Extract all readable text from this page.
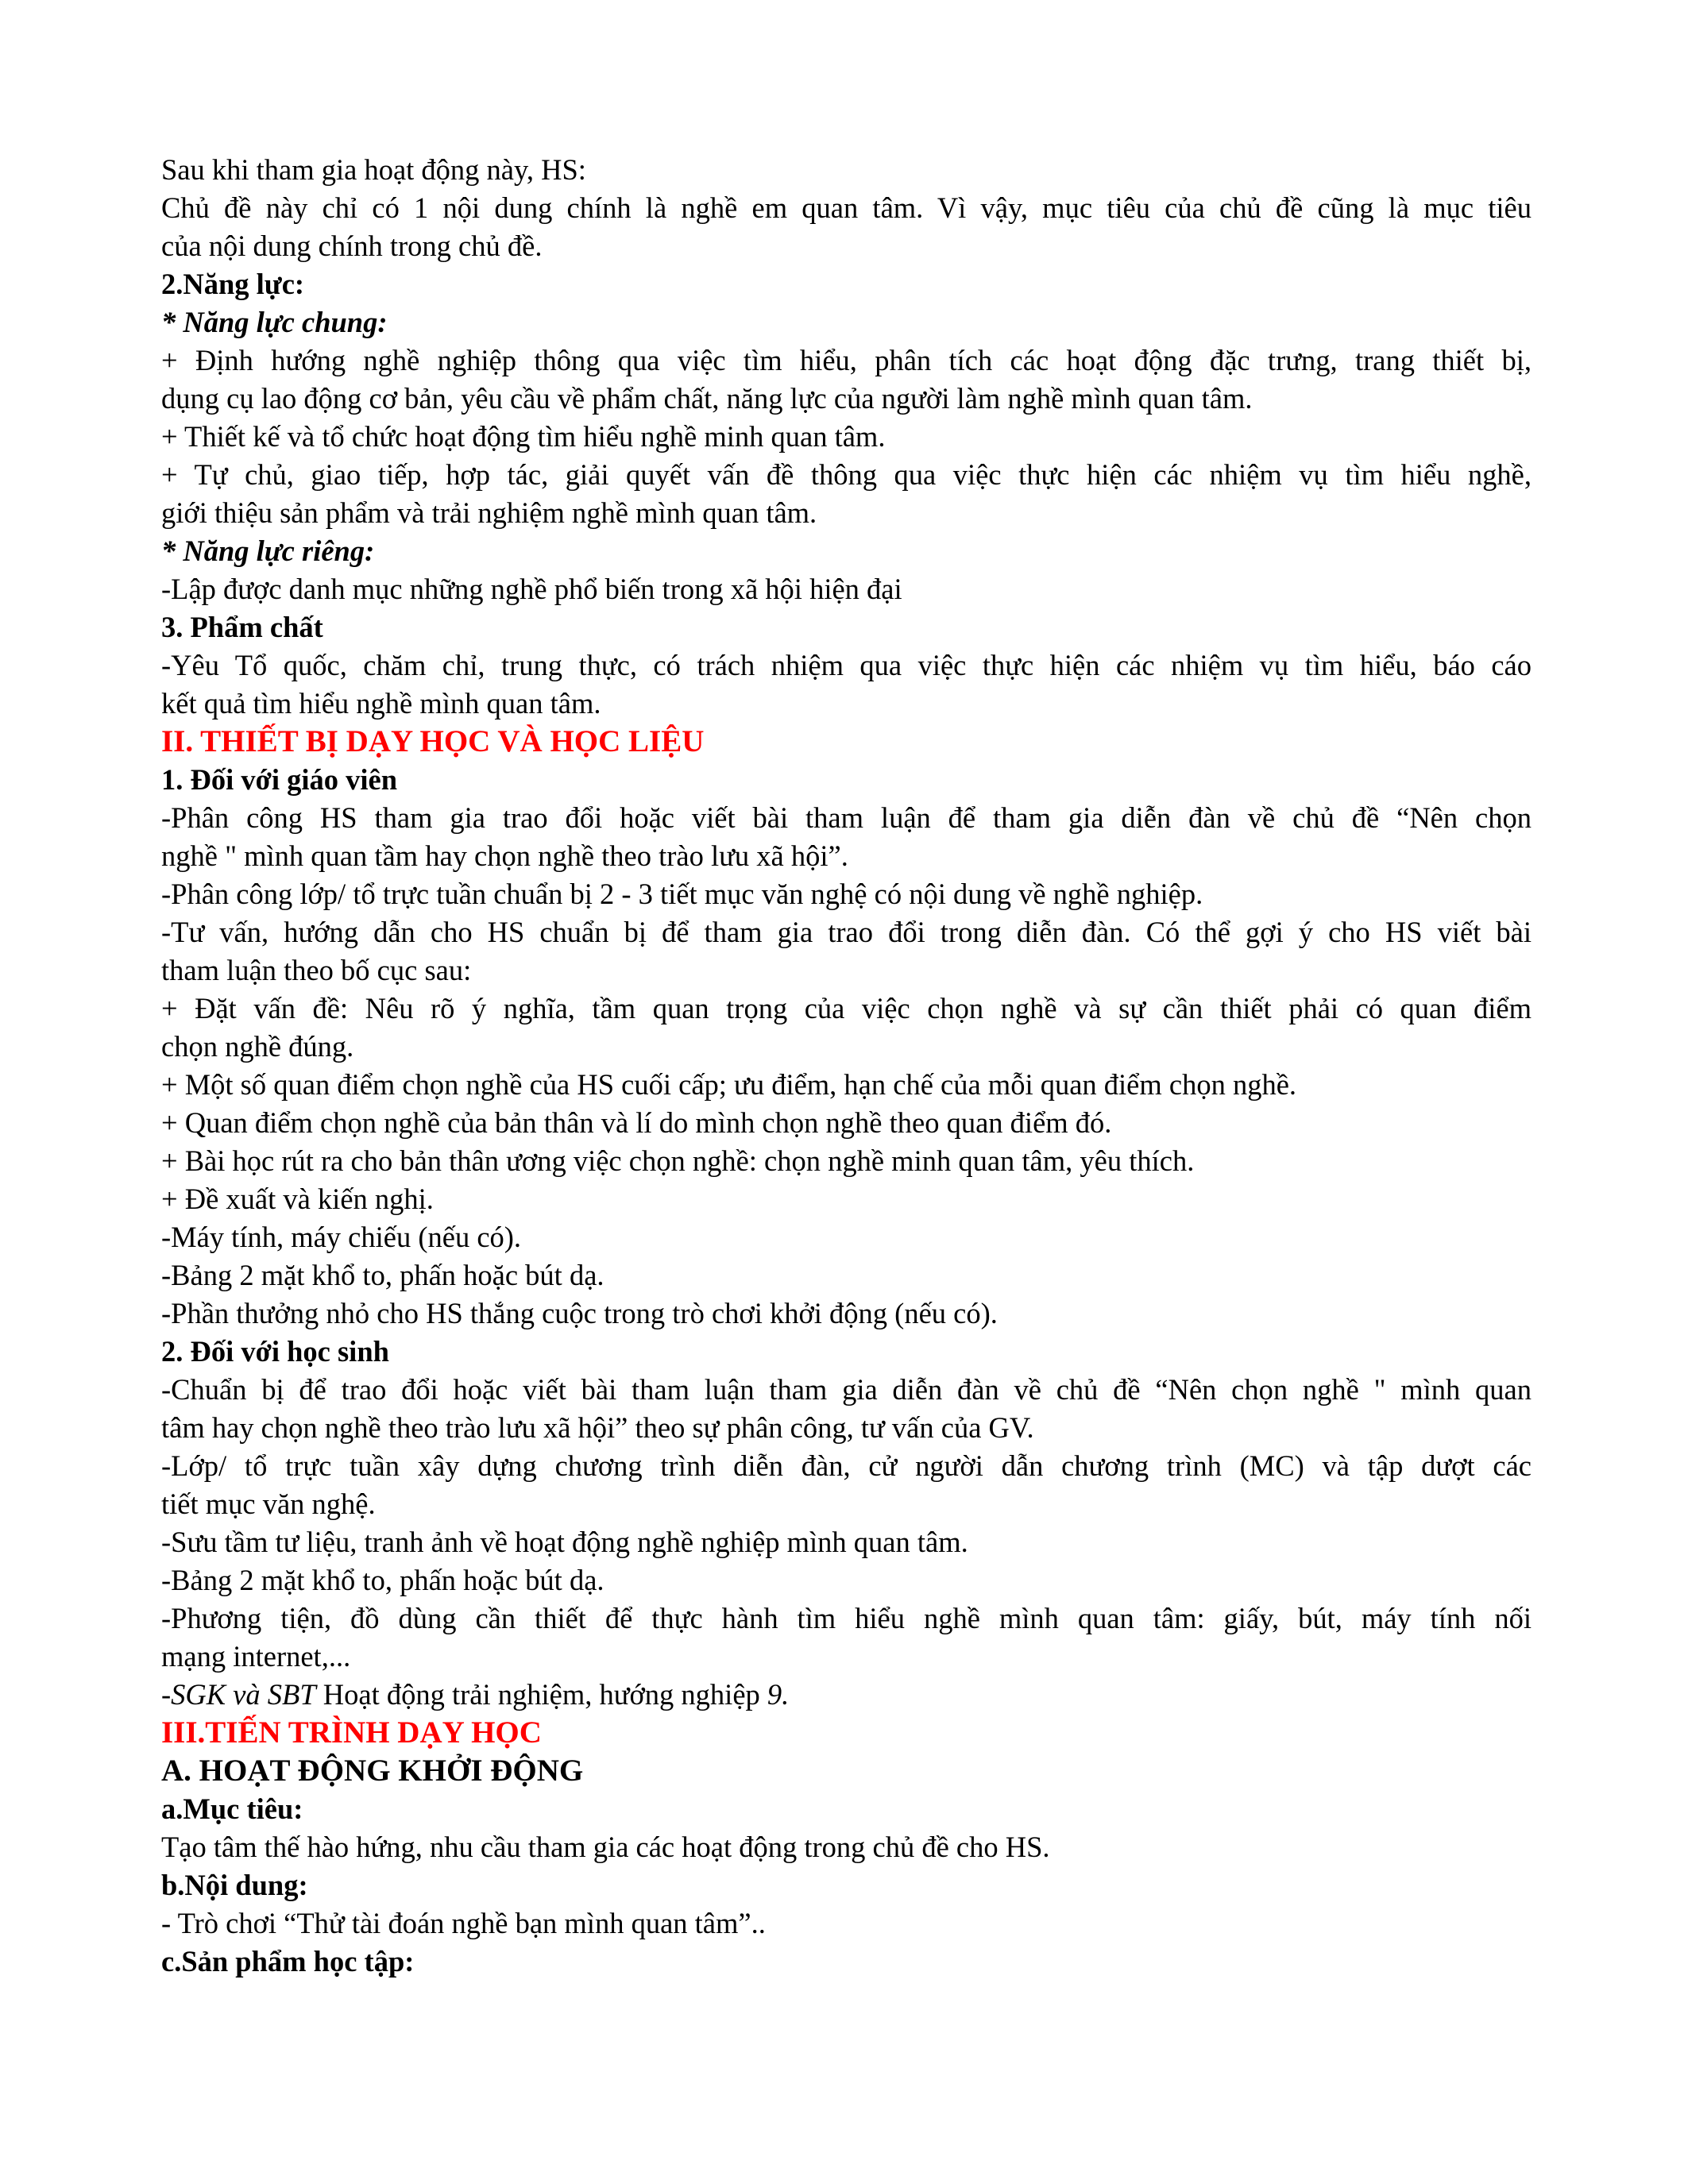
Sau khi tham gia hoạt động này, HS:
Chủ đề này chỉ có 1 nội dung chính là nghề em quan tâm. Vì vậy, mục tiêu của chủ đề cũng là mục tiêu
của nội dung chính trong chủ đề.
2.Năng lực:
* Năng lực chung:
+ Định hướng nghề nghiệp thông qua việc tìm hiểu, phân tích các hoạt động đặc trưng, trang thiết bị,
dụng cụ lao động cơ bản, yêu cầu về phẩm chất, năng lực của người làm nghề mình quan tâm.
+ Thiết kế và tổ chức hoạt động tìm hiểu nghề minh quan tâm.
+ Tự chủ, giao tiếp, hợp tác, giải quyết vấn đề thông qua việc thực hiện các nhiệm vụ tìm hiểu nghề,
giới thiệu sản phẩm và trải nghiệm nghề mình quan tâm.
* Năng lực riêng:
-Lập được danh mục những nghề phổ biến trong xã hội hiện đại
3. Phẩm chất
-Yêu Tổ quốc, chăm chỉ, trung thực, có trách nhiệm qua việc thực hiện các nhiệm vụ tìm hiểu, báo cáo
kết quả tìm hiểu nghề mình quan tâm.
II. THIẾT BỊ DẠY HỌC VÀ HỌC LIỆU
1. Đối với giáo viên
-Phân công HS tham gia trao đổi hoặc viết bài tham luận để tham gia diễn đàn về chủ đề “Nên chọn
nghề " mình quan tầm hay chọn nghề theo trào lưu xã hội”.
-Phân công lớp/ tổ trực tuần chuẩn bị 2 - 3 tiết mục văn nghệ có nội dung về nghề nghiệp.
-Tư vấn, hướng dẫn cho HS chuẩn bị để tham gia trao đổi trong diễn đàn. Có thể gợi ý cho HS viết bài
tham luận theo bố cục sau:
+ Đặt vấn đề: Nêu rõ ý nghĩa, tầm quan trọng của việc chọn nghề và sự cần thiết phải có quan điểm
chọn nghề đúng.
+ Một số quan điểm chọn nghề của HS cuối cấp; ưu điểm, hạn chế của mỗi quan điểm chọn nghề.
+ Quan điểm chọn nghề của bản thân và lí do mình chọn nghề theo quan điểm đó.
+ Bài học rút ra cho bản thân ương việc chọn nghề: chọn nghề minh quan tâm, yêu thích.
+ Đề xuất và kiến nghị.
-Máy tính, máy chiếu (nếu có).
-Bảng 2 mặt khổ to, phấn hoặc bút dạ.
-Phần thưởng nhỏ cho HS thắng cuộc trong trò chơi khởi động (nếu có).
2. Đối với học sinh
-Chuẩn bị để trao đổi hoặc viết bài tham luận tham gia diễn đàn về chủ đề “Nên chọn nghề " mình quan
tâm hay chọn nghề theo trào lưu xã hội” theo sự phân công, tư vấn của GV.
-Lớp/ tổ trực tuần xây dựng chương trình diễn đàn, cử người dẫn chương trình (MC) và tập dượt các
tiết mục văn nghệ.
-Sưu tầm tư liệu, tranh ảnh về hoạt động nghề nghiệp mình quan tâm.
-Bảng 2 mặt khổ to, phấn hoặc bút dạ.
-Phương tiện, đồ dùng cần thiết để thực hành tìm hiểu nghề mình quan tâm: giấy, bút, máy tính nối
mạng internet,...
-SGK và SBT Hoạt động trải nghiệm, hướng nghiệp 9.
III.TIẾN TRÌNH DẠY HỌC
A. HOẠT ĐỘNG KHỞI ĐỘNG
a.Mục tiêu:
Tạo tâm thế hào hứng, nhu cầu tham gia các hoạt động trong chủ đề cho HS.
b.Nội dung:
- Trò chơi “Thử tài đoán nghề bạn mình quan tâm”..
c.Sản phẩm học tập:
